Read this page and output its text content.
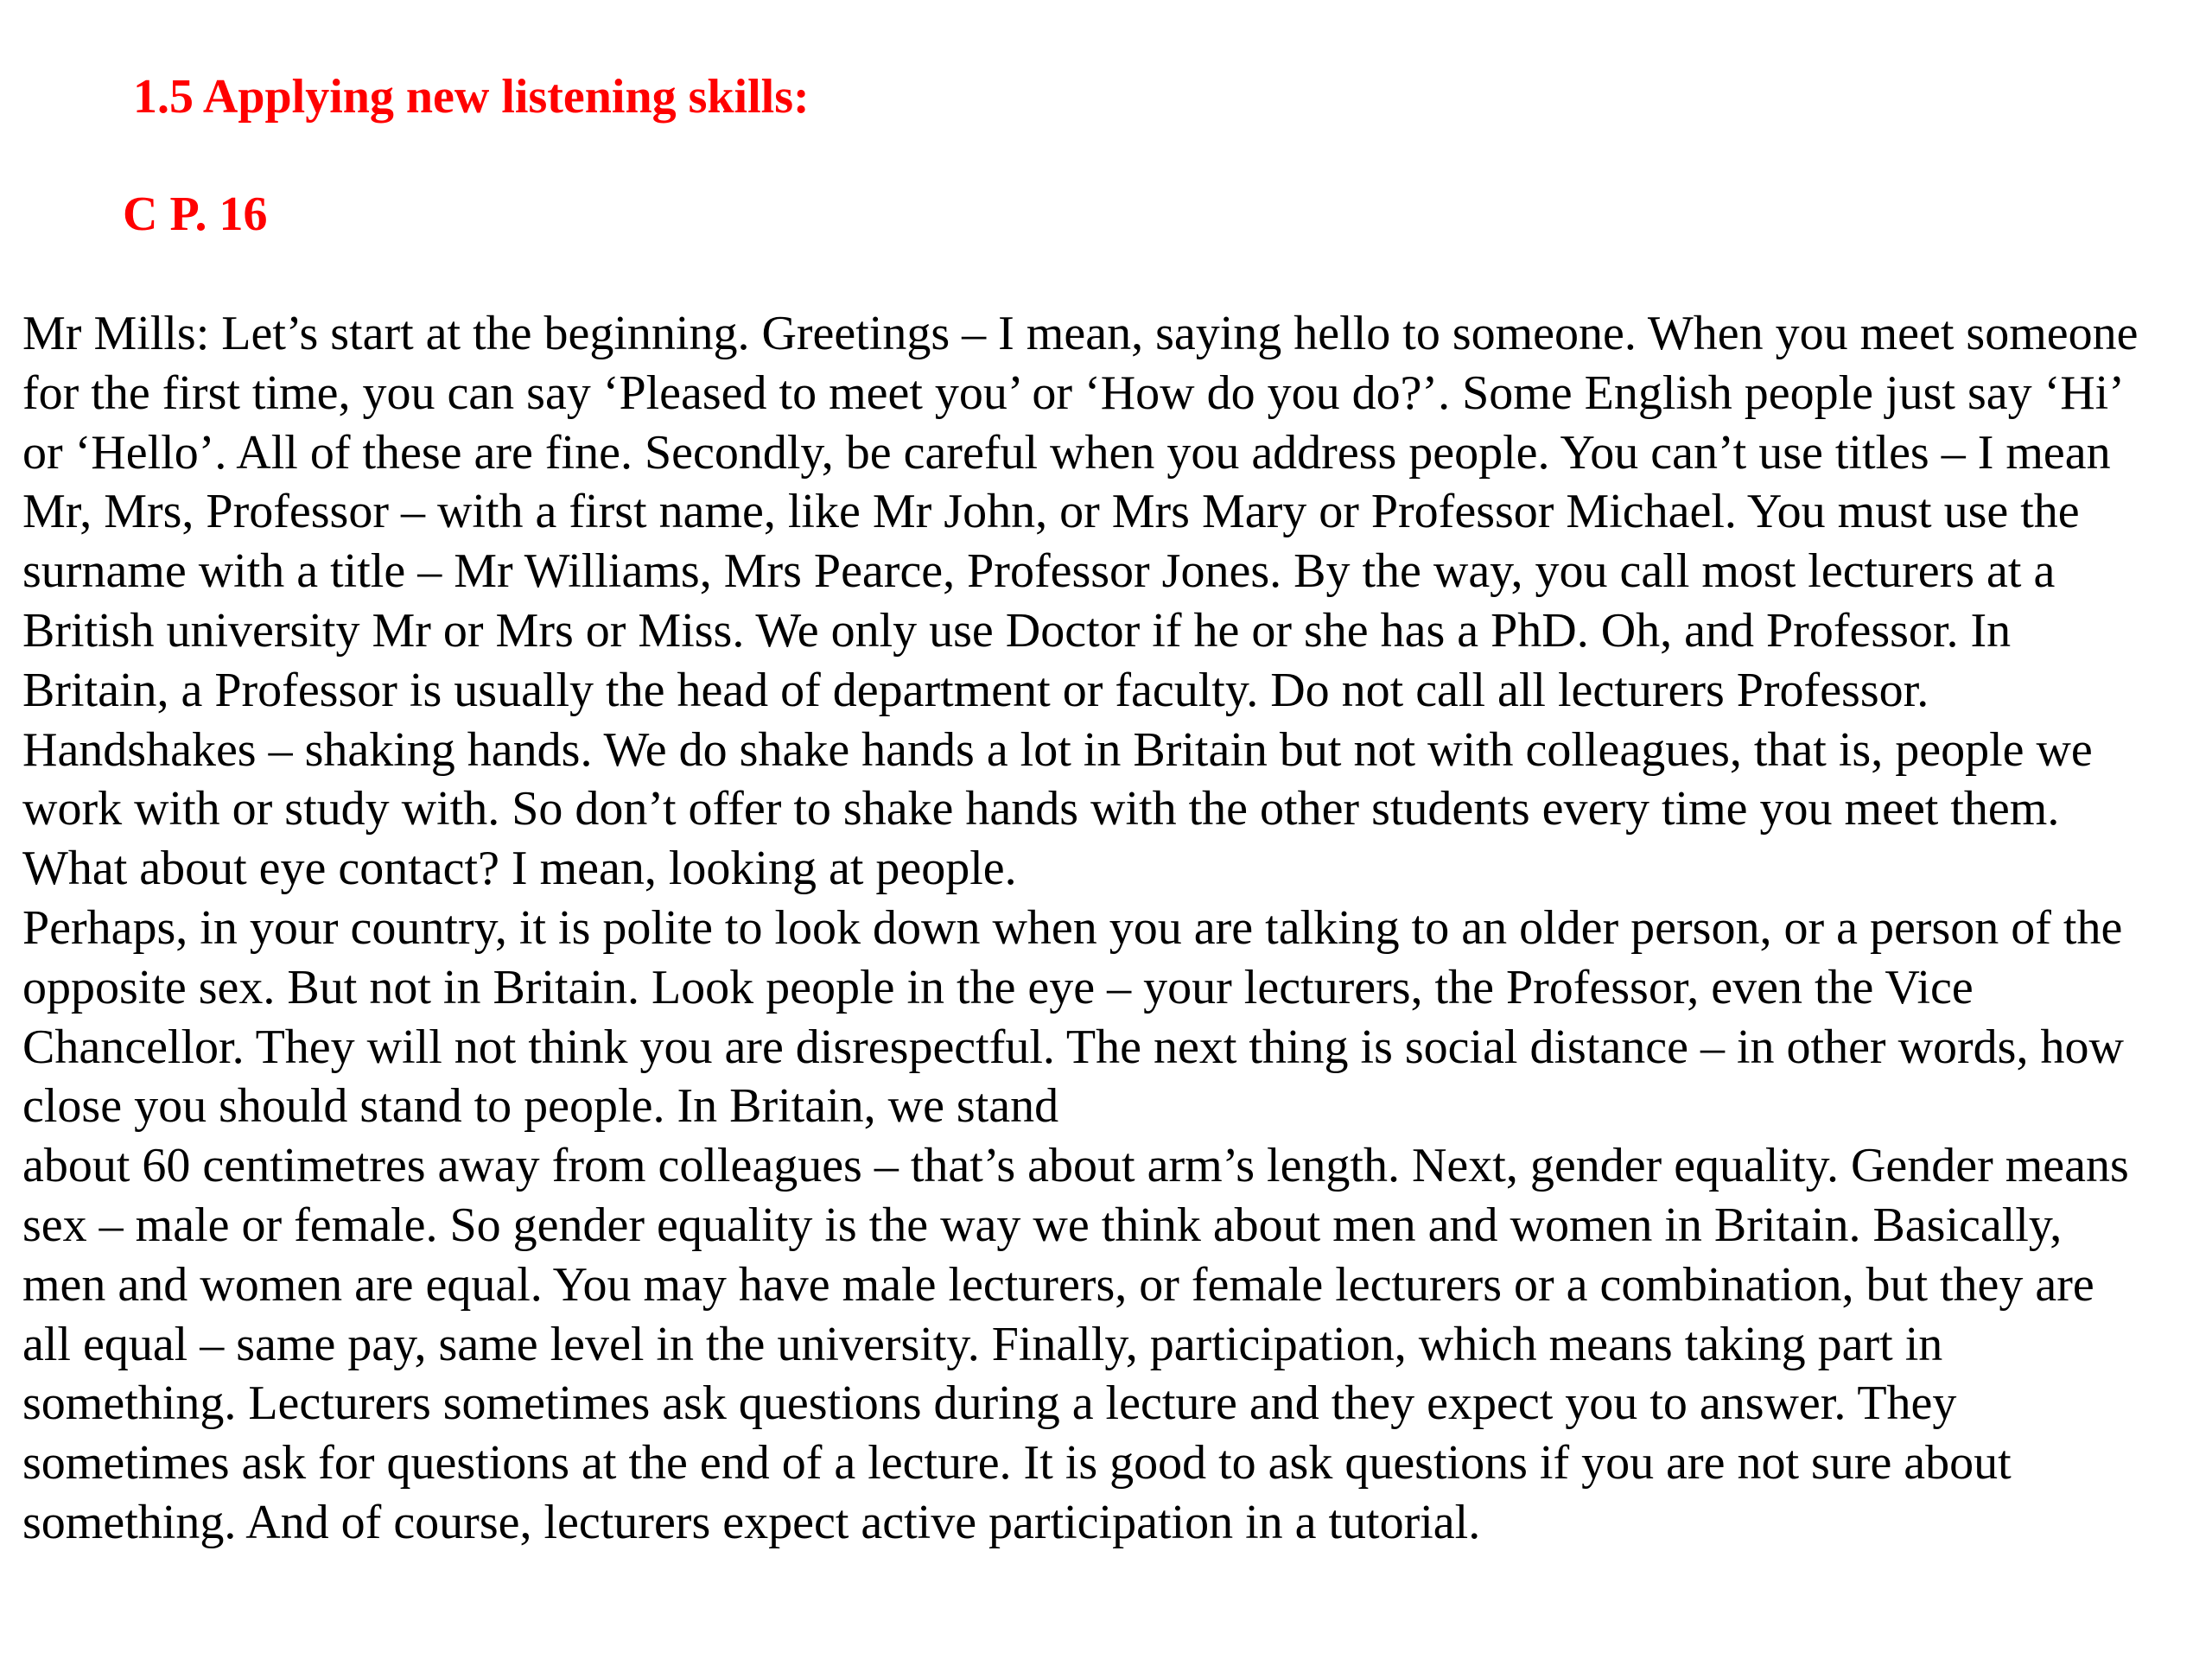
1.5 Applying new listening skills:
C P. 16
Mr Mills: Let’s start at the beginning. Greetings – I mean, saying hello to someone. When you meet someone
for the first time, you can say ‘Pleased to meet you’ or ‘How do you do?’. Some English people just say ‘Hi’
or ‘Hello’. All of these are fine. Secondly, be careful when you address people. You can’t use titles – I mean
Mr, Mrs, Professor – with a first name, like Mr John, or Mrs Mary or Professor Michael. You must use the
surname with a title – Mr Williams, Mrs Pearce, Professor Jones. By the way, you call most lecturers at a
British university Mr or Mrs or Miss. We only use Doctor if he or she has a PhD. Oh, and Professor. In
Britain, a Professor is usually the head of department or faculty. Do not call all lecturers Professor.
Handshakes – shaking hands. We do shake hands a lot in Britain but not with colleagues, that is, people we
work with or study with. So don’t offer to shake hands with the other students every time you meet them.
What about eye contact? I mean, looking at people.
Perhaps, in your country, it is polite to look down when you are talking to an older person, or a person of the
opposite sex. But not in Britain. Look people in the eye – your lecturers, the Professor, even the Vice
Chancellor. They will not think you are disrespectful. The next thing is social distance – in other words, how
close you should stand to people. In Britain, we stand
about 60 centimetres away from colleagues – that’s about arm’s length. Next, gender equality. Gender means
sex – male or female. So gender equality is the way we think about men and women in Britain. Basically,
men and women are equal. You may have male lecturers, or female lecturers or a combination, but they are
all equal – same pay, same level in the university. Finally, participation, which means taking part in
something. Lecturers sometimes ask questions during a lecture and they expect you to answer. They
sometimes ask for questions at the end of a lecture. It is good to ask questions if you are not sure about
something. And of course, lecturers expect active participation in a tutorial.
